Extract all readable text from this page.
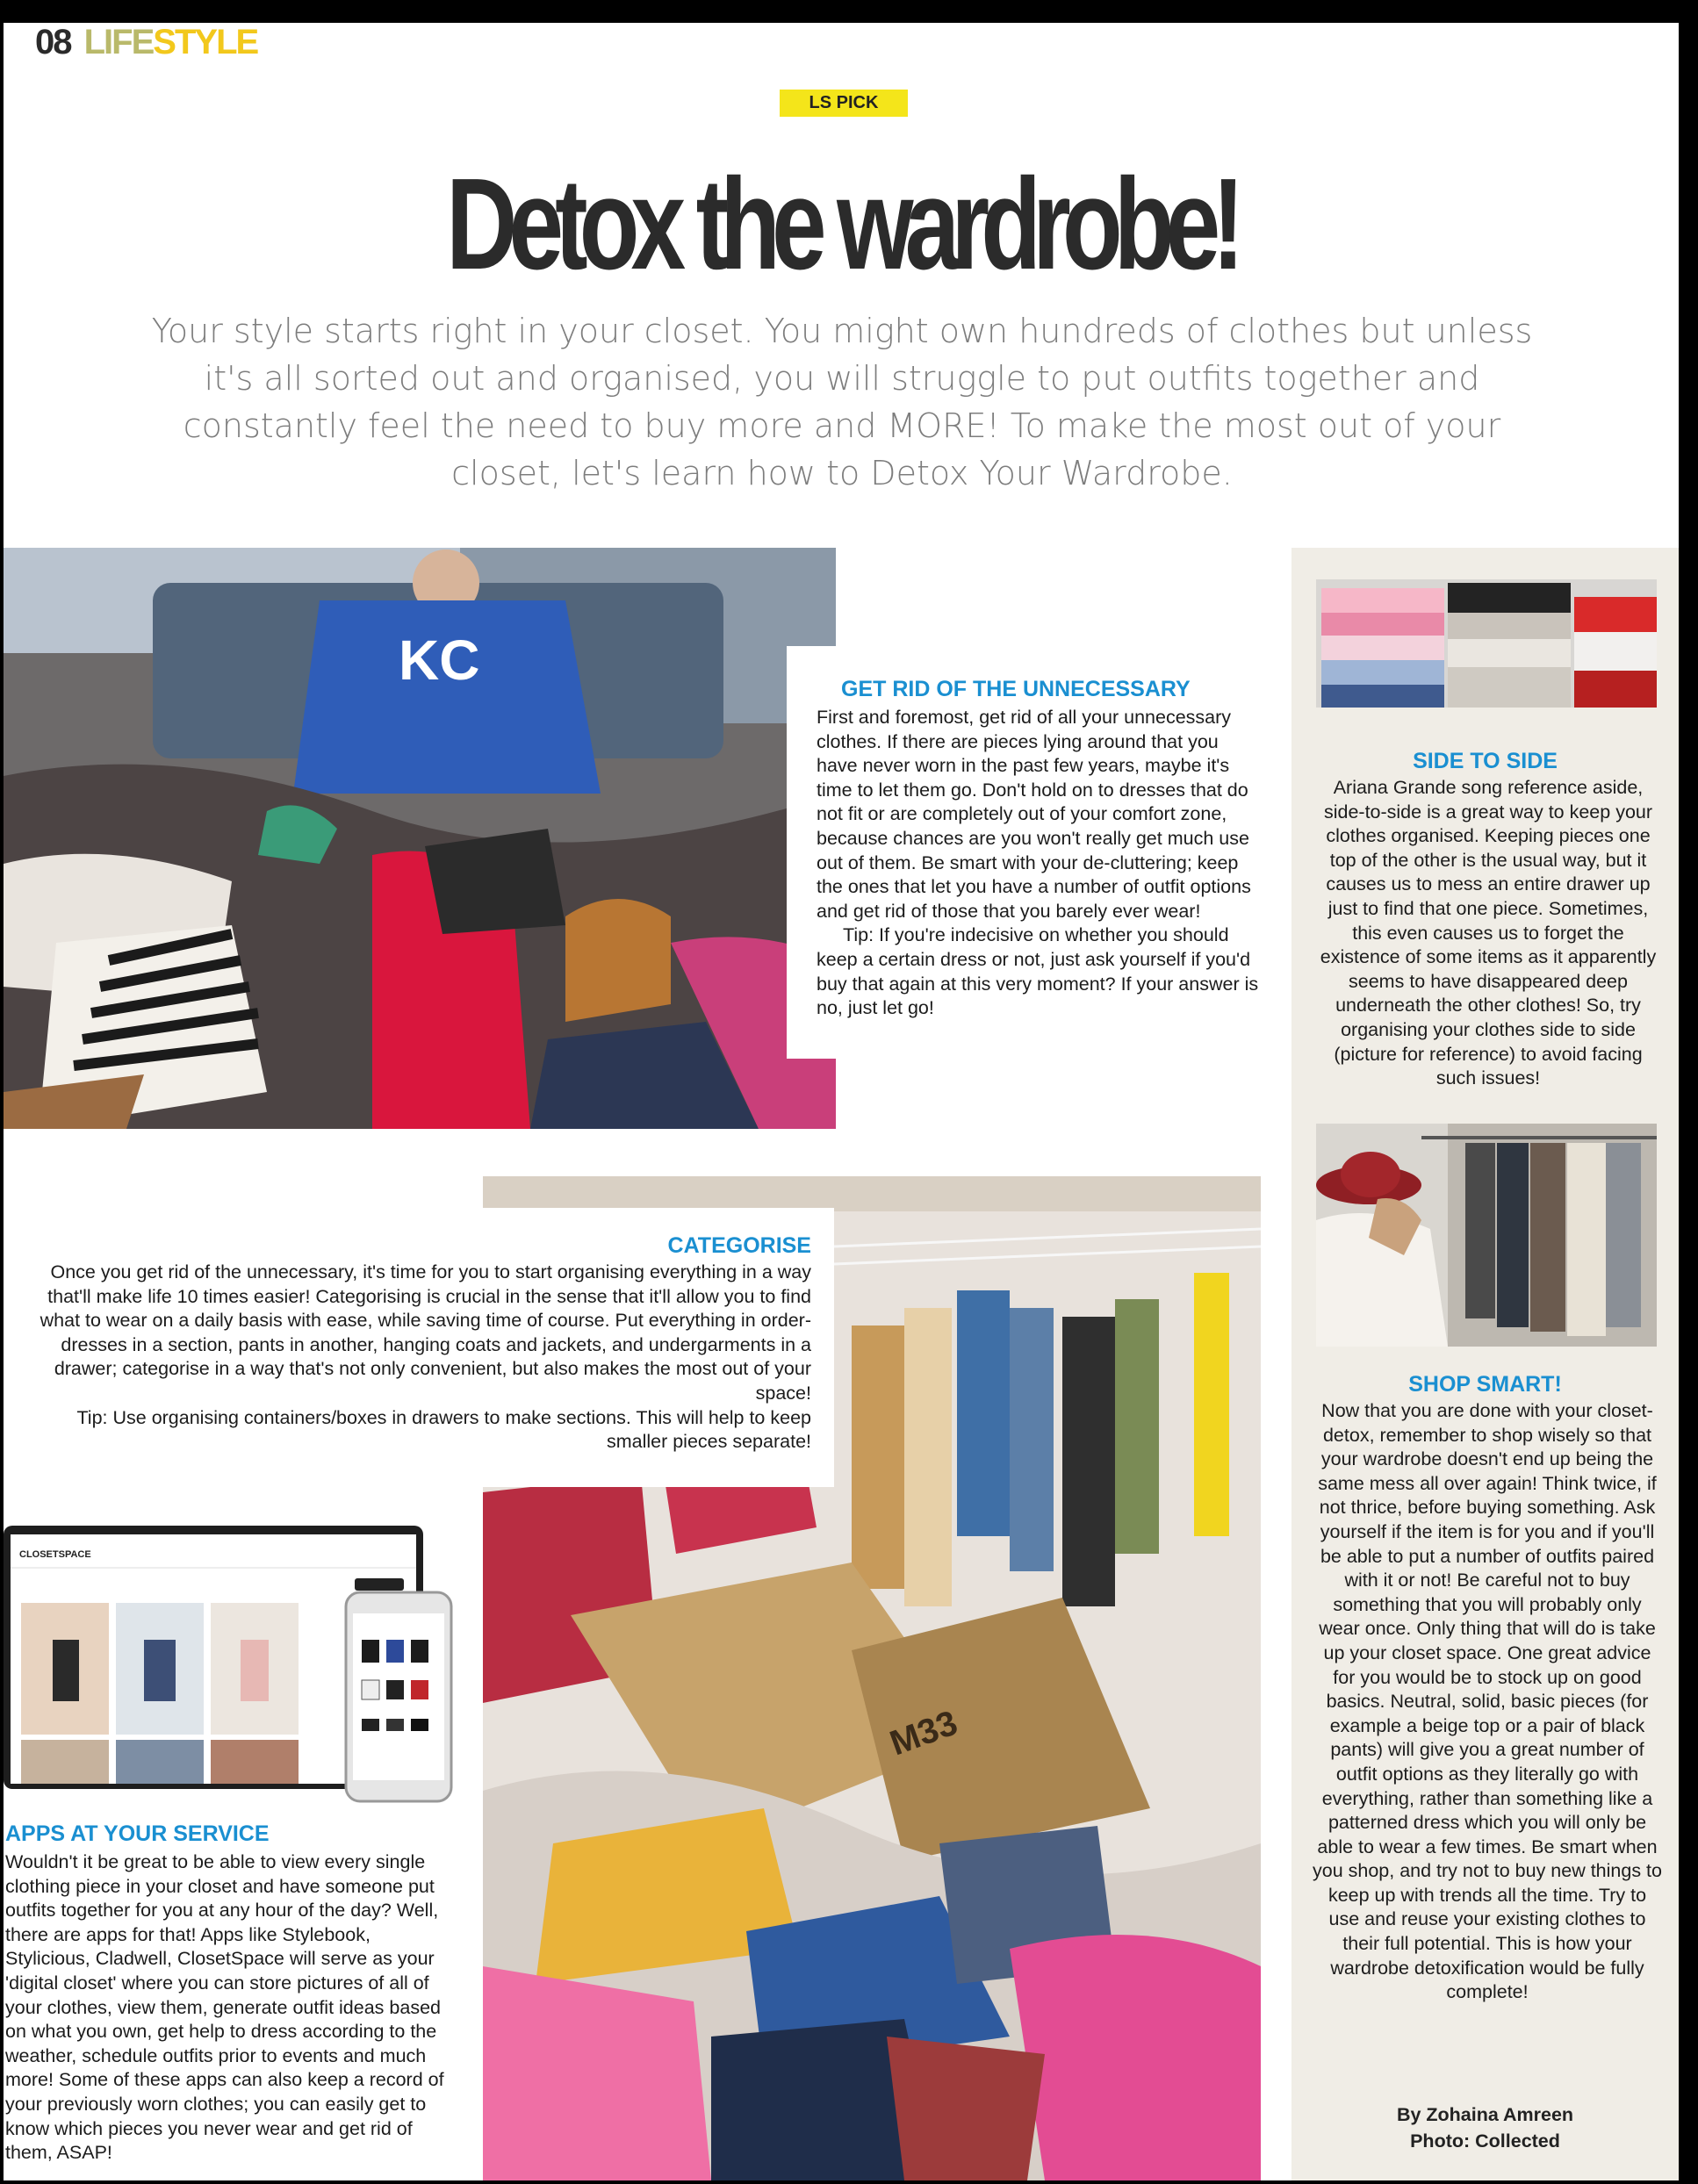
08 LIFESTYLE
LS PICK
Detox the wardrobe!
Your style starts right in your closet. You might own hundreds of clothes but unless it's all sorted out and organised, you will struggle to put outfits together and constantly feel the need to buy more and MORE! To make the most out of your closet, let's learn how to Detox Your Wardrobe.
KC	GET RID OF THE UNNECESSARY

First and foremost, get rid of all your unnecessary clothes. If there are pieces lying around that you have never worn in the past few years, maybe it's time to let them go. Don't hold on to dresses that do not fit or are completely out of your comfort zone, because chances are you won't really get much use out of them. Be smart with your de-cluttering; keep the ones that let you have a number of outfit options and get rid of those that you barely ever wear!

Tip: If you're indecisive on whether you should keep a certain dress or not, just ask yourself if you'd buy that again at this very moment? If your answer is no, just let go!

SIDE TO SIDE
Ariana Grande song reference aside, side-to-side is a great way to keep your clothes organised. Keeping pieces one top of the other is the usual way, but it causes us to mess an entire drawer up just to find that one piece. Sometimes, this even causes us to forget the existence of some items as it apparently seems to have disappeared deep underneath the other clothes! So, try organising your clothes side to side (picture for reference) to avoid facing such issues!
SHOP SMART!
Now that you are done with your closet-detox, remember to shop wisely so that your wardrobe doesn't end up being the same mess all over again! Think twice, if not thrice, before buying something. Ask yourself if the item is for you and if you'll be able to put a number of outfits paired with it or not! Be careful not to buy something that you will probably only wear once. Only thing that will do is take up your closet space. One great advice for you would be to stock up on good basics. Neutral, solid, basic pieces (for example a beige top or a pair of black pants) will give you a great number of outfit options as they literally go with everything, rather than something like a patterned dress which you will only be able to wear a few times. Be smart when you shop, and try not to buy new things to keep up with trends all the time. Try to use and reuse your existing clothes to their full potential. This is how your wardrobe detoxification would be fully complete!
By Zohaina Amreen
Photo: Collected
M33
CATEGORISE

Once you get rid of the unnecessary, it's time for you to start organising everything in a way that'll make life 10 times easier! Categorising is crucial in the sense that it'll allow you to find what to wear on a daily basis with ease, while saving time of course. Put everything in order- dresses in a section, pants in another, hanging coats and jackets, and undergarments in a drawer; categorise in a way that's not only convenient, but also makes the most out of your space!

Tip: Use organising containers/boxes in drawers to make sections. This will help to keep smaller pieces separate!

CLOSETSPACE
APPS AT YOUR SERVICE
Wouldn't it be great to be able to view every single clothing piece in your closet and have someone put outfits together for you at any hour of the day? Well, there are apps for that! Apps like Stylebook, Stylicious, Cladwell, ClosetSpace will serve as your 'digital closet' where you can store pictures of all of your clothes, view them, generate outfit ideas based on what you own, get help to dress according to the weather, schedule outfits prior to events and much more! Some of these apps can also keep a record of your previously worn clothes; you can easily get to know which pieces you never wear and get rid of them, ASAP!
